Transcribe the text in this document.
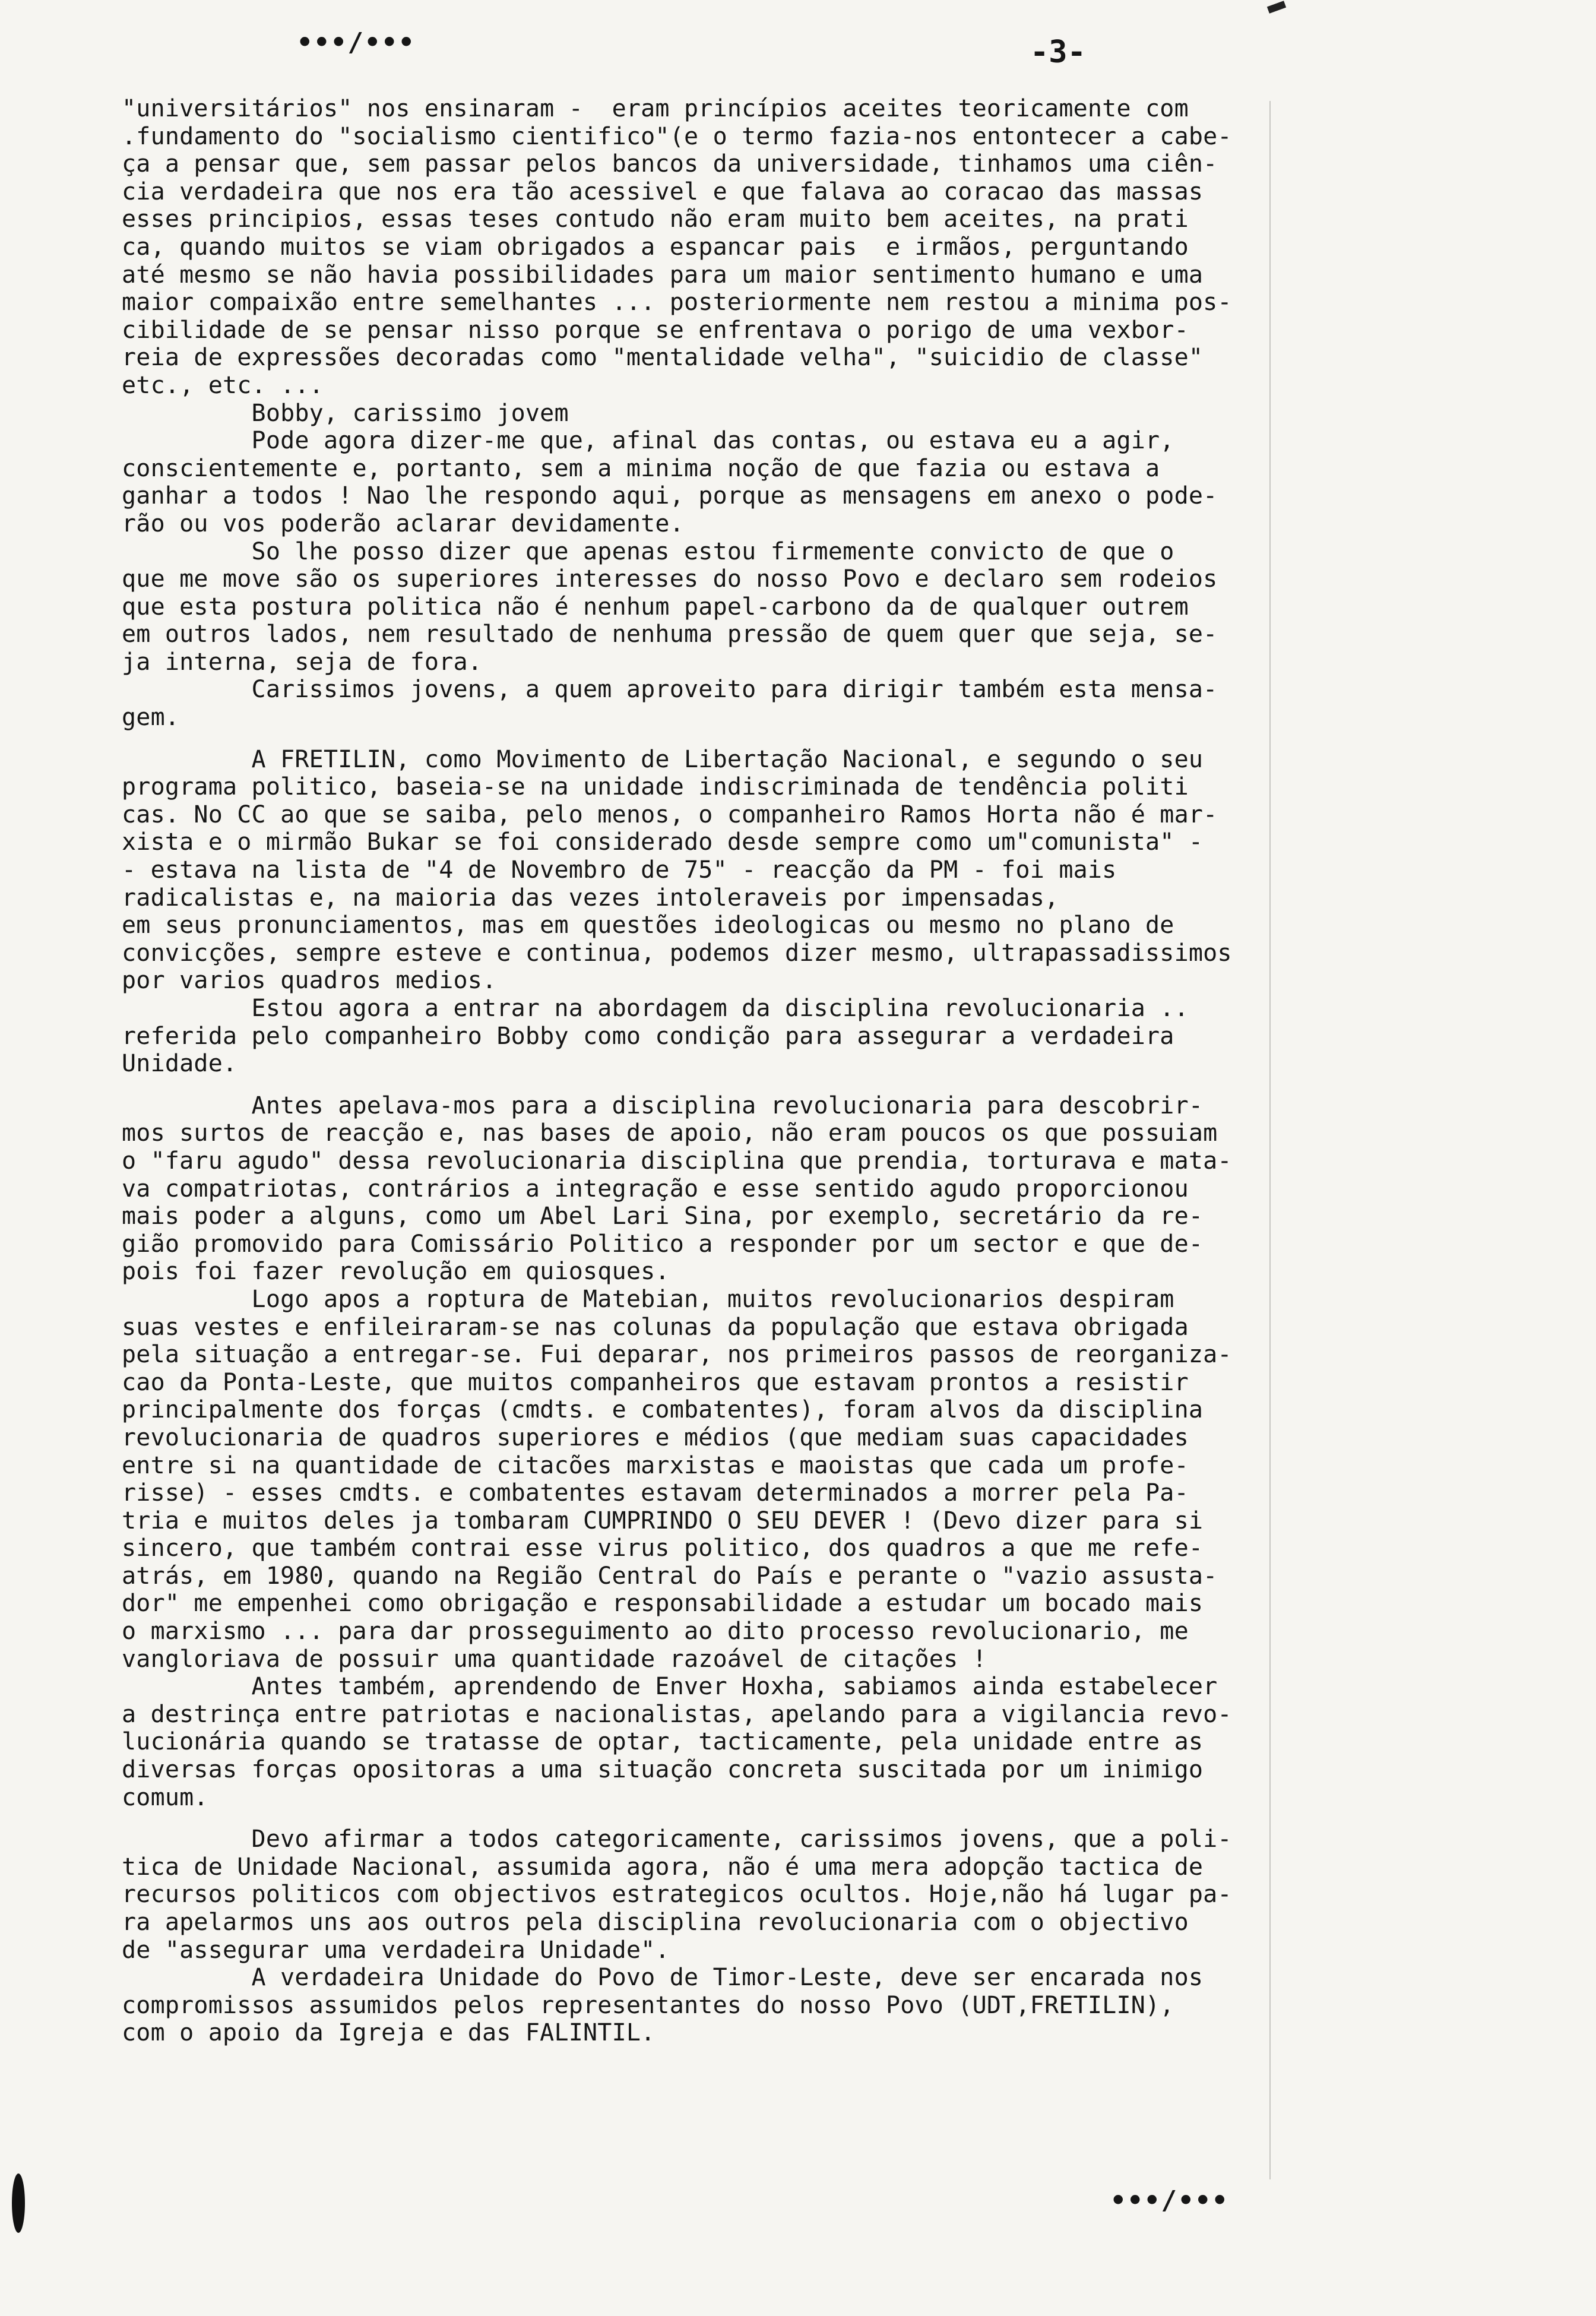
•••/•••	-3-
"universitários" nos ensinaram -  eram princípios aceites teoricamente com
.fundamento do "socialismo cientifico"(e o termo fazia-nos entontecer a cabe-
ça a pensar que, sem passar pelos bancos da universidade, tinhamos uma ciên-
cia verdadeira que nos era tão acessivel e que falava ao coracao das massas
esses principios, essas teses contudo não eram muito bem aceites, na prati
ca, quando muitos se viam obrigados a espancar pais  e irmãos, perguntando
até mesmo se não havia possibilidades para um maior sentimento humano e uma
maior compaixão entre semelhantes ... posteriormente nem restou a minima pos-
cibilidade de se pensar nisso porque se enfrentava o porigo de uma vexbor-
reia de expressões decoradas como "mentalidade velha", "suicidio de classe"
etc., etc. ...
Bobby, carissimo jovem
Pode agora dizer-me que, afinal das contas, ou estava eu a agir,
conscientemente e, portanto, sem a minima noção de que fazia ou estava a
ganhar a todos ! Nao lhe respondo aqui, porque as mensagens em anexo o pode-
rão ou vos poderão aclarar devidamente.
So lhe posso dizer que apenas estou firmemente convicto de que o
que me move são os superiores interesses do nosso Povo e declaro sem rodeios
que esta postura politica não é nenhum papel-carbono da de qualquer outrem
em outros lados, nem resultado de nenhuma pressão de quem quer que seja, se-
ja interna, seja de fora.
Carissimos jovens, a quem aproveito para dirigir também esta mensa-
gem.
A FRETILIN, como Movimento de Libertação Nacional, e segundo o seu
programa politico, baseia-se na unidade indiscriminada de tendência politi
cas. No CC ao que se saiba, pelo menos, o companheiro Ramos Horta não é mar-
xista e o mirmão Bukar se foi considerado desde sempre como um"comunista" -
- estava na lista de "4 de Novembro de 75" - reacção da PM - foi mais
radicalistas e, na maioria das vezes intoleraveis por impensadas,
em seus pronunciamentos, mas em questões ideologicas ou mesmo no plano de
convicções, sempre esteve e continua, podemos dizer mesmo, ultrapassadissimos
por varios quadros medios.
Estou agora a entrar na abordagem da disciplina revolucionaria ..
referida pelo companheiro Bobby como condição para assegurar a verdadeira
Unidade.
Antes apelava-mos para a disciplina revolucionaria para descobrir-
mos surtos de reacção e, nas bases de apoio, não eram poucos os que possuiam
o "faru agudo" dessa revolucionaria disciplina que prendia, torturava e mata-
va compatriotas, contrários a integração e esse sentido agudo proporcionou
mais poder a alguns, como um Abel Lari Sina, por exemplo, secretário da re-
gião promovido para Comissário Politico a responder por um sector e que de-
pois foi fazer revolução em quiosques.
Logo apos a roptura de Matebian, muitos revolucionarios despiram
suas vestes e enfileiraram-se nas colunas da população que estava obrigada
pela situação a entregar-se. Fui deparar, nos primeiros passos de reorganiza-
cao da Ponta-Leste, que muitos companheiros que estavam prontos a resistir
principalmente dos forças (cmdts. e combatentes), foram alvos da disciplina
revolucionaria de quadros superiores e médios (que mediam suas capacidades
entre si na quantidade de citacões marxistas e maoistas que cada um profe-
risse) - esses cmdts. e combatentes estavam determinados a morrer pela Pa-
tria e muitos deles ja tombaram CUMPRINDO O SEU DEVER ! (Devo dizer para si
sincero, que também contrai esse virus politico, dos quadros a que me refe-
atrás, em 1980, quando na Região Central do País e perante o "vazio assusta-
dor" me empenhei como obrigação e responsabilidade a estudar um bocado mais
o marxismo ... para dar prosseguimento ao dito processo revolucionario, me
vangloriava de possuir uma quantidade razoável de citações !
Antes também, aprendendo de Enver Hoxha, sabiamos ainda estabelecer
a destrinça entre patriotas e nacionalistas, apelando para a vigilancia revo-
lucionária quando se tratasse de optar, tacticamente, pela unidade entre as
diversas forças opositoras a uma situação concreta suscitada por um inimigo
comum.
Devo afirmar a todos categoricamente, carissimos jovens, que a poli-
tica de Unidade Nacional, assumida agora, não é uma mera adopção tactica de
recursos politicos com objectivos estrategicos ocultos. Hoje,não há lugar pa-
ra apelarmos uns aos outros pela disciplina revolucionaria com o objectivo
de "assegurar uma verdadeira Unidade".
A verdadeira Unidade do Povo de Timor-Leste, deve ser encarada nos
compromissos assumidos pelos representantes do nosso Povo (UDT,FRETILIN),
com o apoio da Igreja e das FALINTIL.
•••/•••
